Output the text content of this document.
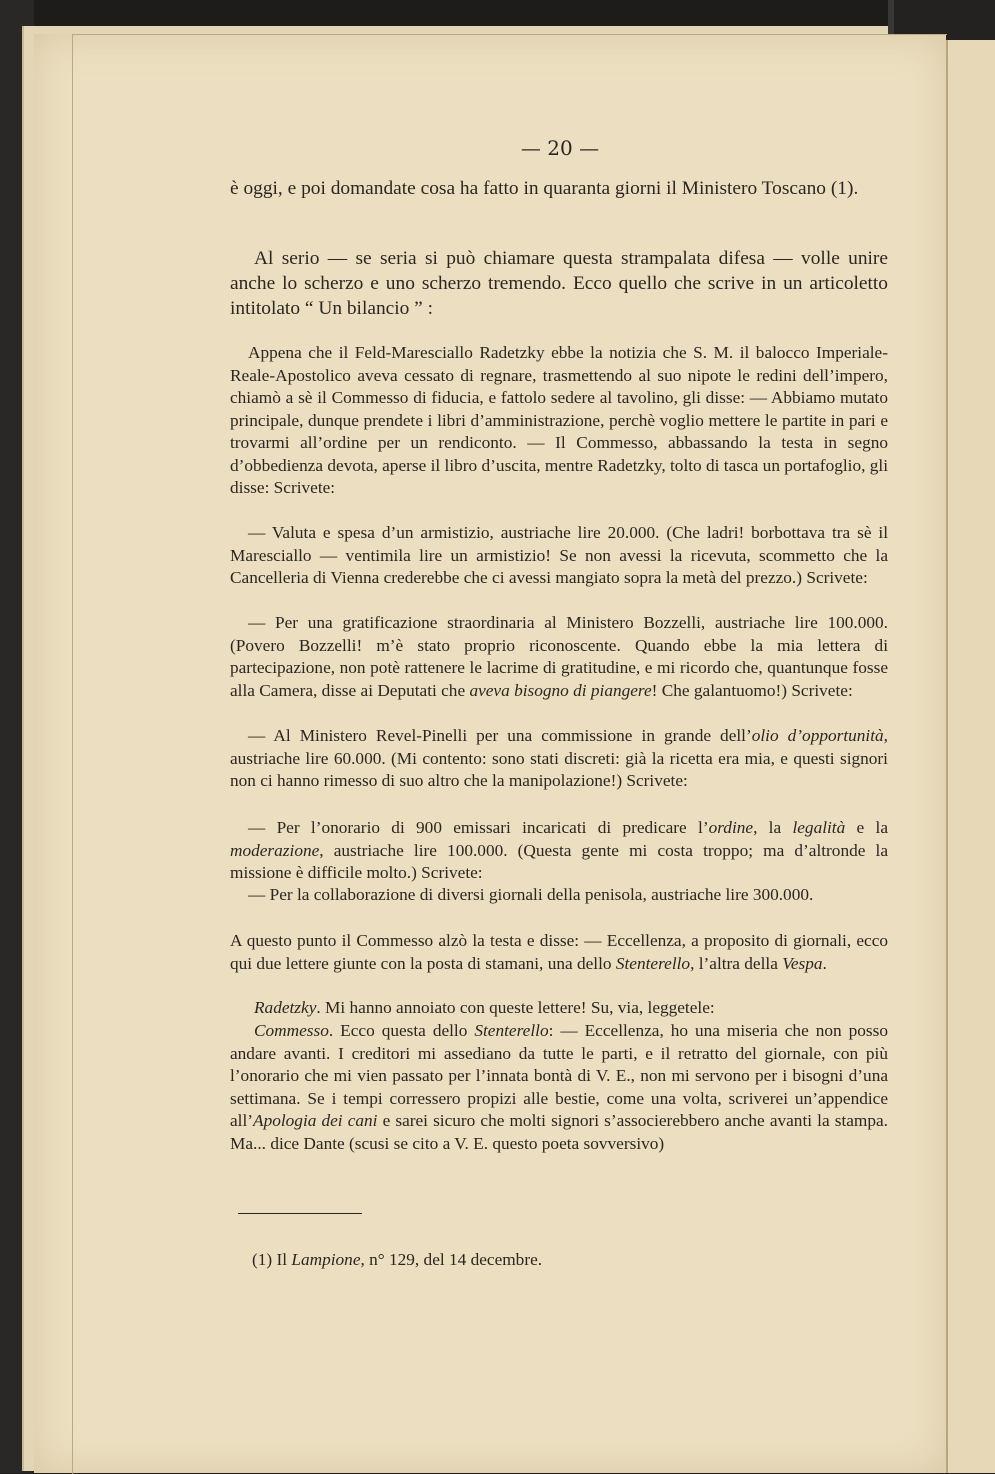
— 20 —
è oggi, e poi domandate cosa ha fatto in quaranta giorni il Ministero Toscano (1).
Al serio — se seria si può chiamare questa strampalata difesa — volle unire anche lo scherzo e uno scherzo tremendo. Ecco quello che scrive in un articoletto intitolato “ Un bilancio ” :
Appena che il Feld-Maresciallo Radetzky ebbe la notizia che S. M. il balocco Imperiale-Reale-Apostolico aveva cessato di regnare, trasmettendo al suo nipote le redini dell’impero, chiamò a sè il Commesso di fiducia, e fattolo sedere al tavolino, gli disse: — Abbiamo mutato principale, dunque prendete i libri d’amministrazione, perchè voglio mettere le partite in pari e trovarmi all’ordine per un rendiconto. — Il Commesso, abbassando la testa in segno d’obbedienza devota, aperse il libro d’uscita, mentre Radetzky, tolto di tasca un portafoglio, gli disse: Scrivete:
— Valuta e spesa d’un armistizio, austriache lire 20.000. (Che ladri! borbottava tra sè il Maresciallo — ventimila lire un armistizio! Se non avessi la ricevuta, scommetto che la Cancelleria di Vienna crederebbe che ci avessi mangiato sopra la metà del prezzo.) Scrivete:
— Per una gratificazione straordinaria al Ministero Bozzelli, austriache lire 100.000. (Povero Bozzelli! m’è stato proprio riconoscente. Quando ebbe la mia lettera di partecipazione, non potè rattenere le lacrime di gratitudine, e mi ricordo che, quantunque fosse alla Camera, disse ai Deputati che aveva bisogno di piangere! Che galantuomo!) Scrivete:
— Al Ministero Revel-Pinelli per una commissione in grande dell’olio d’opportunità, austriache lire 60.000. (Mi contento: sono stati discreti: già la ricetta era mia, e questi signori non ci hanno rimesso di suo altro che la manipolazione!) Scrivete:
— Per l’onorario di 900 emissari incaricati di predicare l’ordine, la legalità e la moderazione, austriache lire 100.000. (Questa gente mi costa troppo; ma d’altronde la missione è difficile molto.) Scrivete:
— Per la collaborazione di diversi giornali della penisola, austriache lire 300.000.
A questo punto il Commesso alzò la testa e disse: — Eccellenza, a proposito di giornali, ecco qui due lettere giunte con la posta di stamani, una dello Stenterello, l’altra della Vespa.
Radetzky. Mi hanno annoiato con queste lettere! Su, via, leggetele:
Commesso. Ecco questa dello Stenterello: — Eccellenza, ho una miseria che non posso andare avanti. I creditori mi assediano da tutte le parti, e il retratto del giornale, con più l’onorario che mi vien passato per l’innata bontà di V. E., non mi servono per i bisogni d’una settimana. Se i tempi corressero propizi alle bestie, come una volta, scriverei un’appendice all’Apologia dei cani e sarei sicuro che molti signori s’associerebbero anche avanti la stampa. Ma... dice Dante (scusi se cito a V. E. questo poeta sovversivo)
(1) Il Lampione, n° 129, del 14 decembre.
